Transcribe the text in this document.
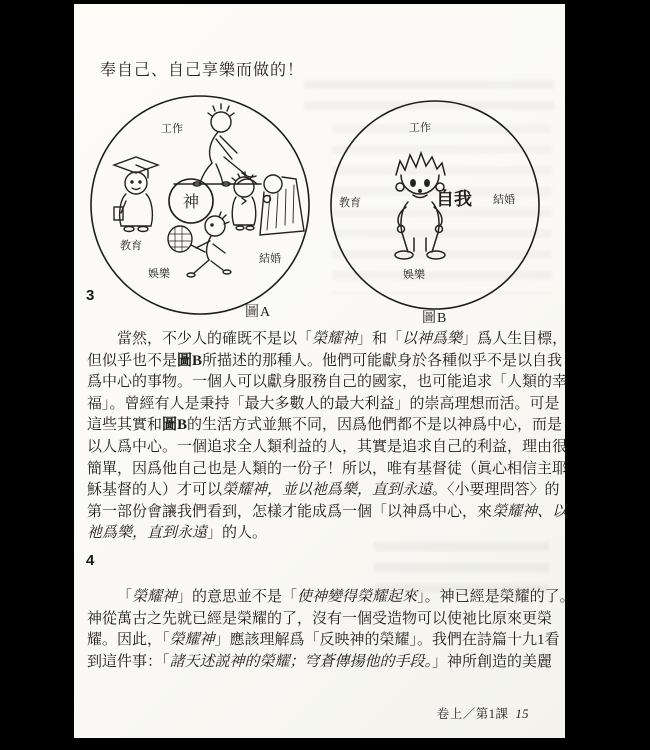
奉自己、自己享樂而做的！
神
工作
教育
結婚
娛樂
工作
教育	結婚
娛樂
自我
圖A	圖B
3
當然，不少人的確既不是以「榮耀神」和「以神爲樂」爲人生目標，
但似乎也不是圖B所描述的那種人。他們可能獻身於各種似乎不是以自我
爲中心的事物。一個人可以獻身服務自己的國家，也可能追求「人類的幸
福」。曾經有人是秉持「最大多數人的最大利益」的崇高理想而活。可是
這些其實和圖B的生活方式並無不同，因爲他們都不是以神爲中心，而是
以人爲中心。一個追求全人類利益的人，其實是追求自己的利益，理由很
簡單，因爲他自己也是人類的一份子！所以，唯有基督徒（眞心相信主耶
穌基督的人）才可以榮耀神，並以祂爲樂，直到永遠。〈小要理問答〉的
第一部份會讓我們看到，怎樣才能成爲一個「以神爲中心，來榮耀神、以
祂爲樂，直到永遠」的人。
4
「榮耀神」的意思並不是「使神變得榮耀起來」。神已經是榮耀的了。
神從萬古之先就已經是榮耀的了，沒有一個受造物可以使祂比原來更榮
耀。因此，「榮耀神」應該理解爲「反映神的榮耀」。我們在詩篇十九1看
到這件事：「諸天述説神的榮耀；穹蒼傳揚他的手段。」神所創造的美麗
卷上／第1課 15
